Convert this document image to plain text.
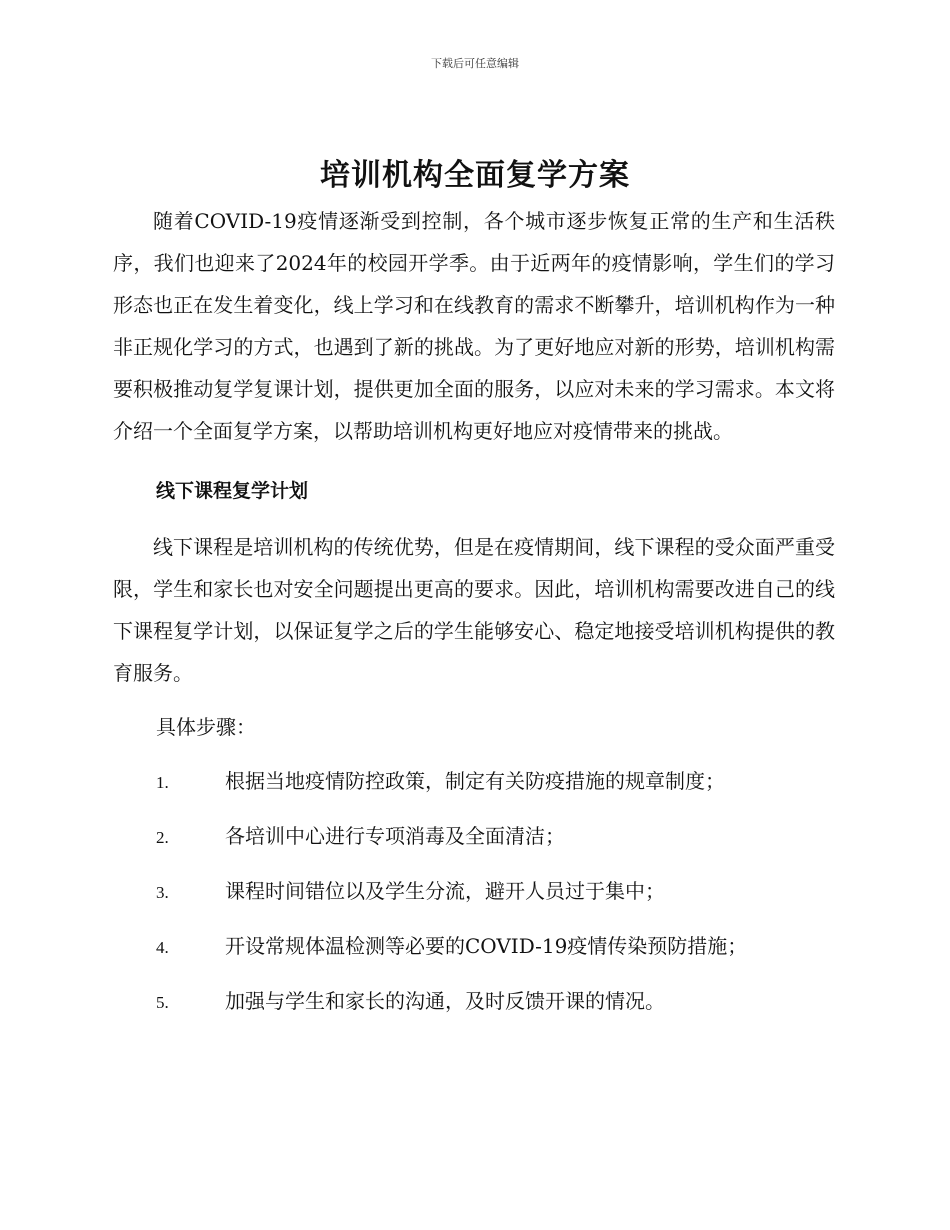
下载后可任意编辑
培训机构全面复学方案

随着COVID-19疫情逐渐受到控制，各个城市逐步恢复正常的生产和生活秩序，我们也迎来了2024年的校园开学季。由于近两年的疫情影响，学生们的学习形态也正在发生着变化，线上学习和在线教育的需求不断攀升，培训机构作为一种非正规化学习的方式，也遇到了新的挑战。为了更好地应对新的形势，培训机构需要积极推动复学复课计划，提供更加全面的服务，以应对未来的学习需求。本文将介绍一个全面复学方案，以帮助培训机构更好地应对疫情带来的挑战。

线下课程复学计划

线下课程是培训机构的传统优势，但是在疫情期间，线下课程的受众面严重受限，学生和家长也对安全问题提出更高的要求。因此，培训机构需要改进自己的线下课程复学计划，以保证复学之后的学生能够安心、稳定地接受培训机构提供的教育服务。

具体步骤：
1.	根据当地疫情防控政策，制定有关防疫措施的规章制度；
2.	各培训中心进行专项消毒及全面清洁；
3.	课程时间错位以及学生分流，避开人员过于集中；
4.	开设常规体温检测等必要的COVID-19疫情传染预防措施；
5.	加强与学生和家长的沟通，及时反馈开课的情况。
